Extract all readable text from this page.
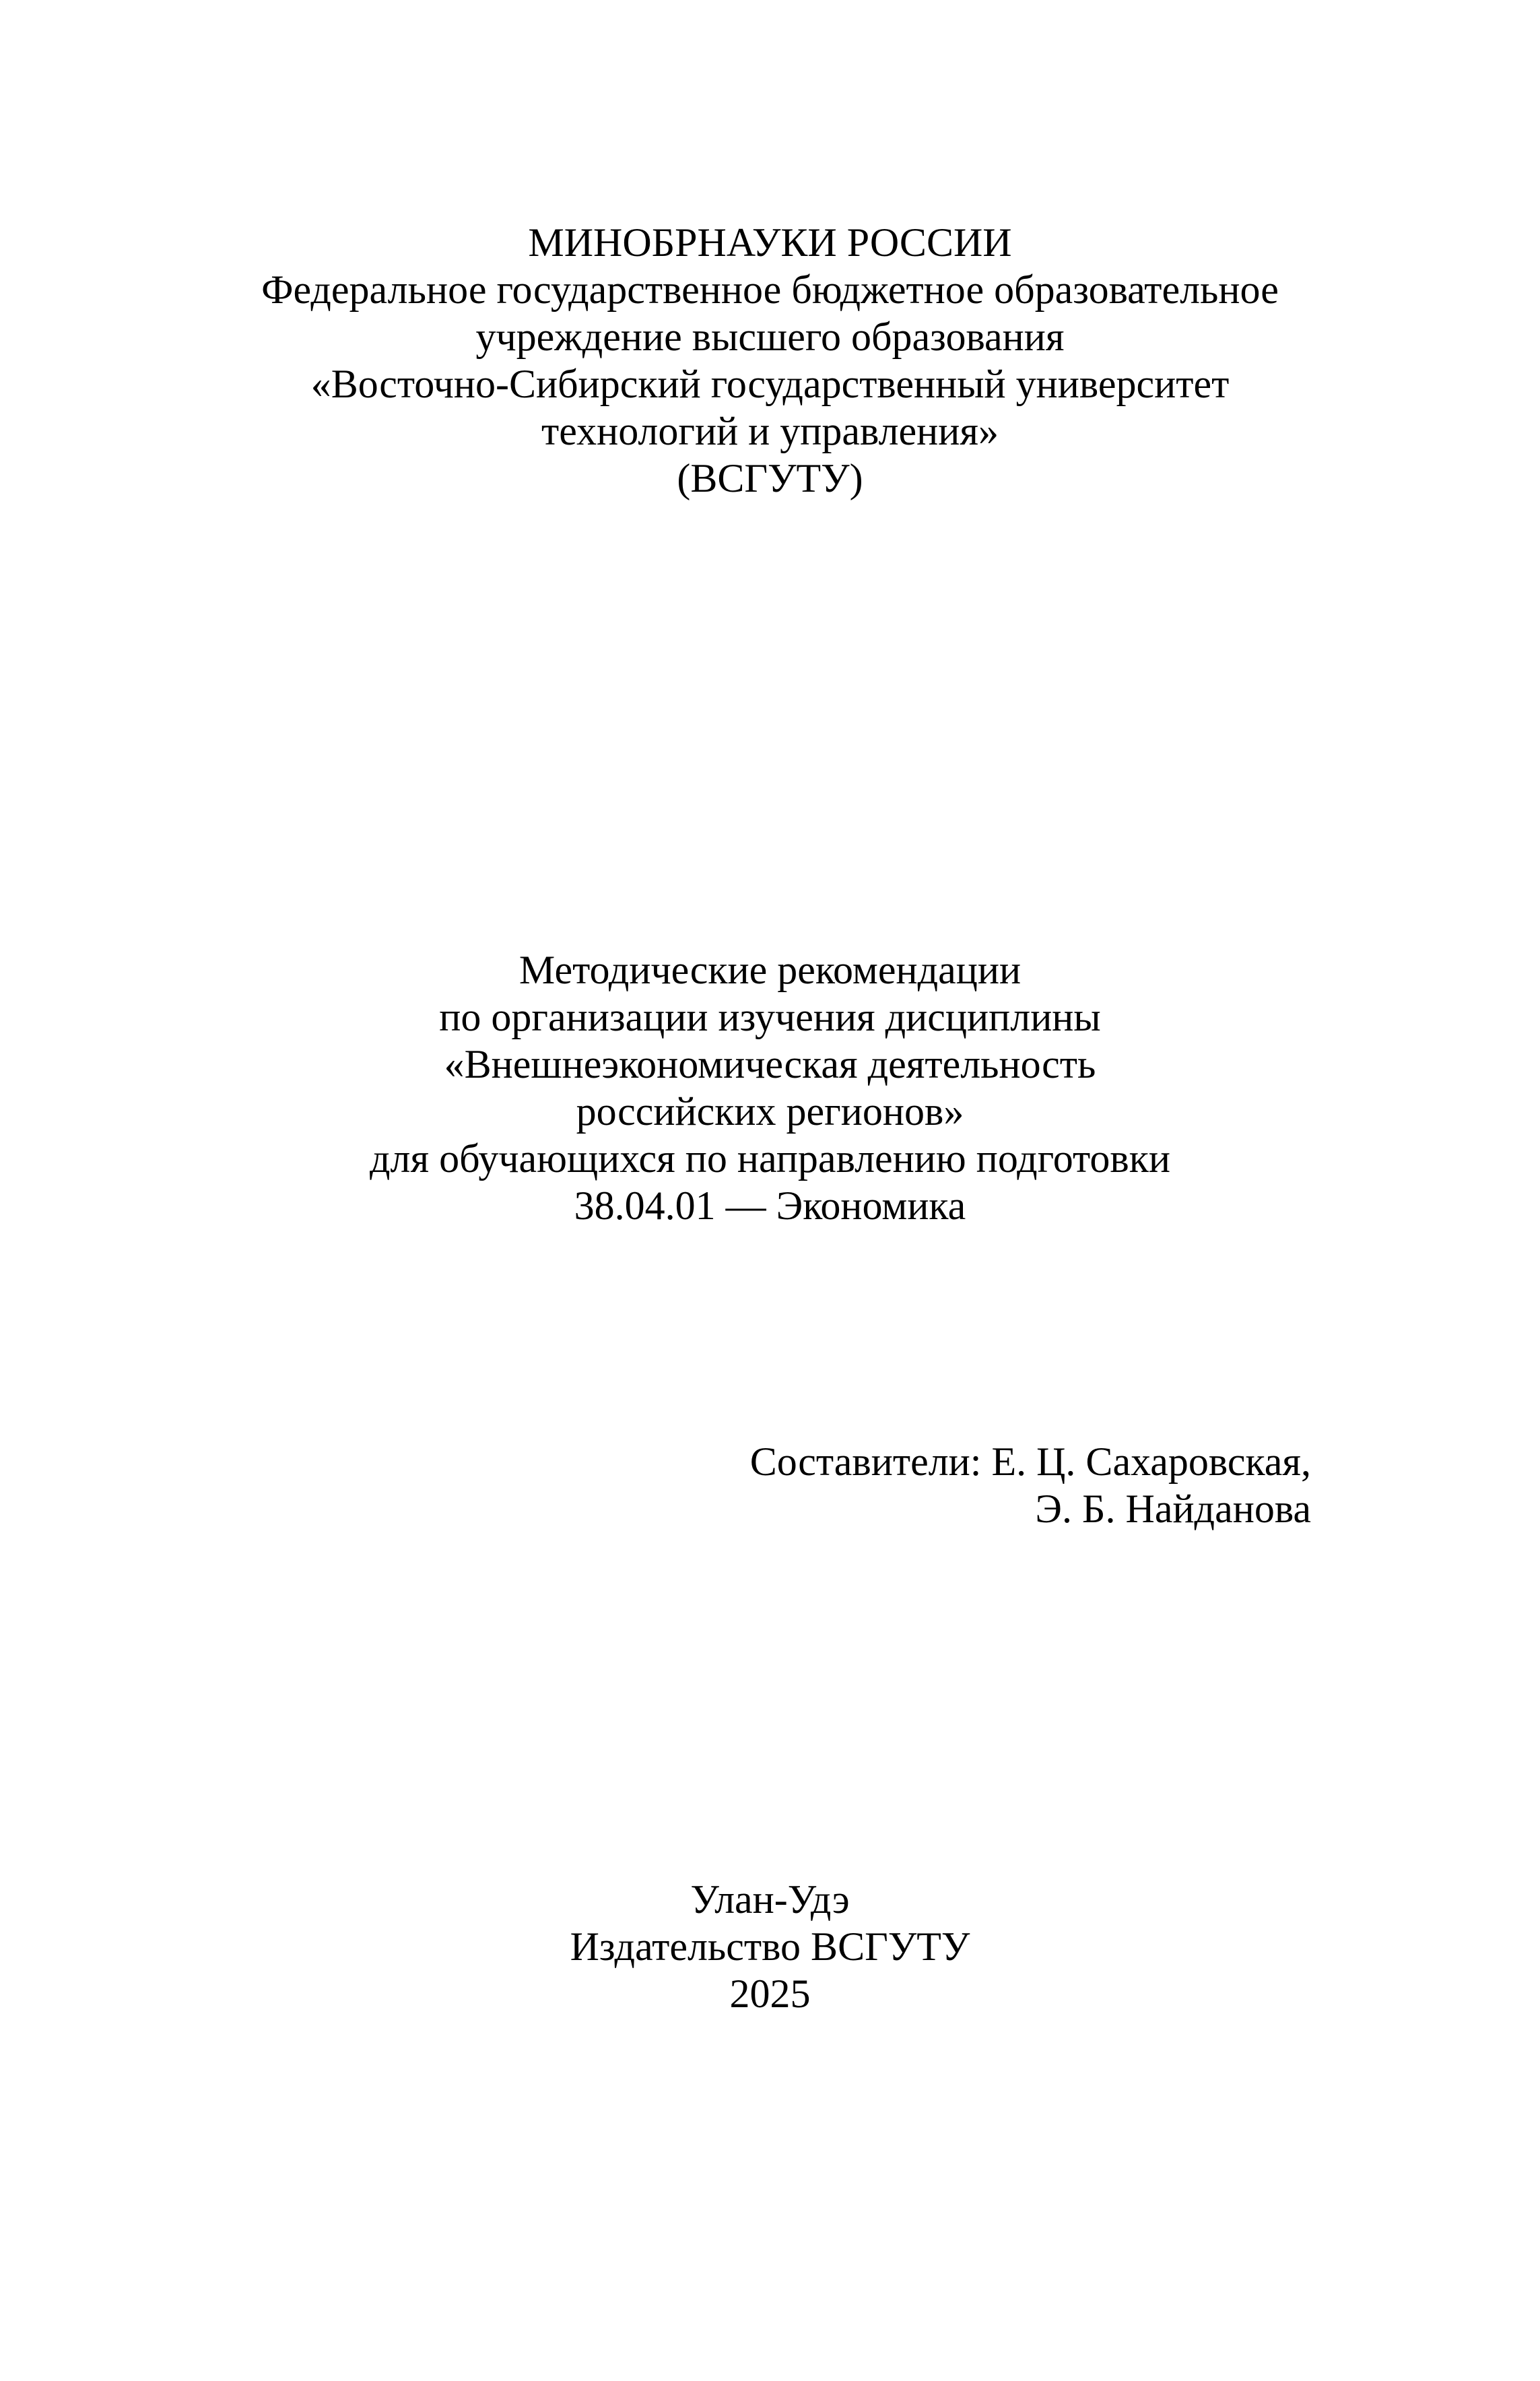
МИНОБРНАУКИ РОССИИ
Федеральное государственное бюджетное образовательное
учреждение высшего образования
«Восточно-Сибирский государственный университет
технологий и управления»
(ВСГУТУ)
Методические рекомендации
по организации изучения дисциплины
«Внешнеэкономическая деятельность
российских регионов»
для обучающихся по направлению подготовки
38.04.01 — Экономика
Составители: Е. Ц. Сахаровская,
Э. Б. Найданова
Улан-Удэ
Издательство ВСГУТУ
2025
